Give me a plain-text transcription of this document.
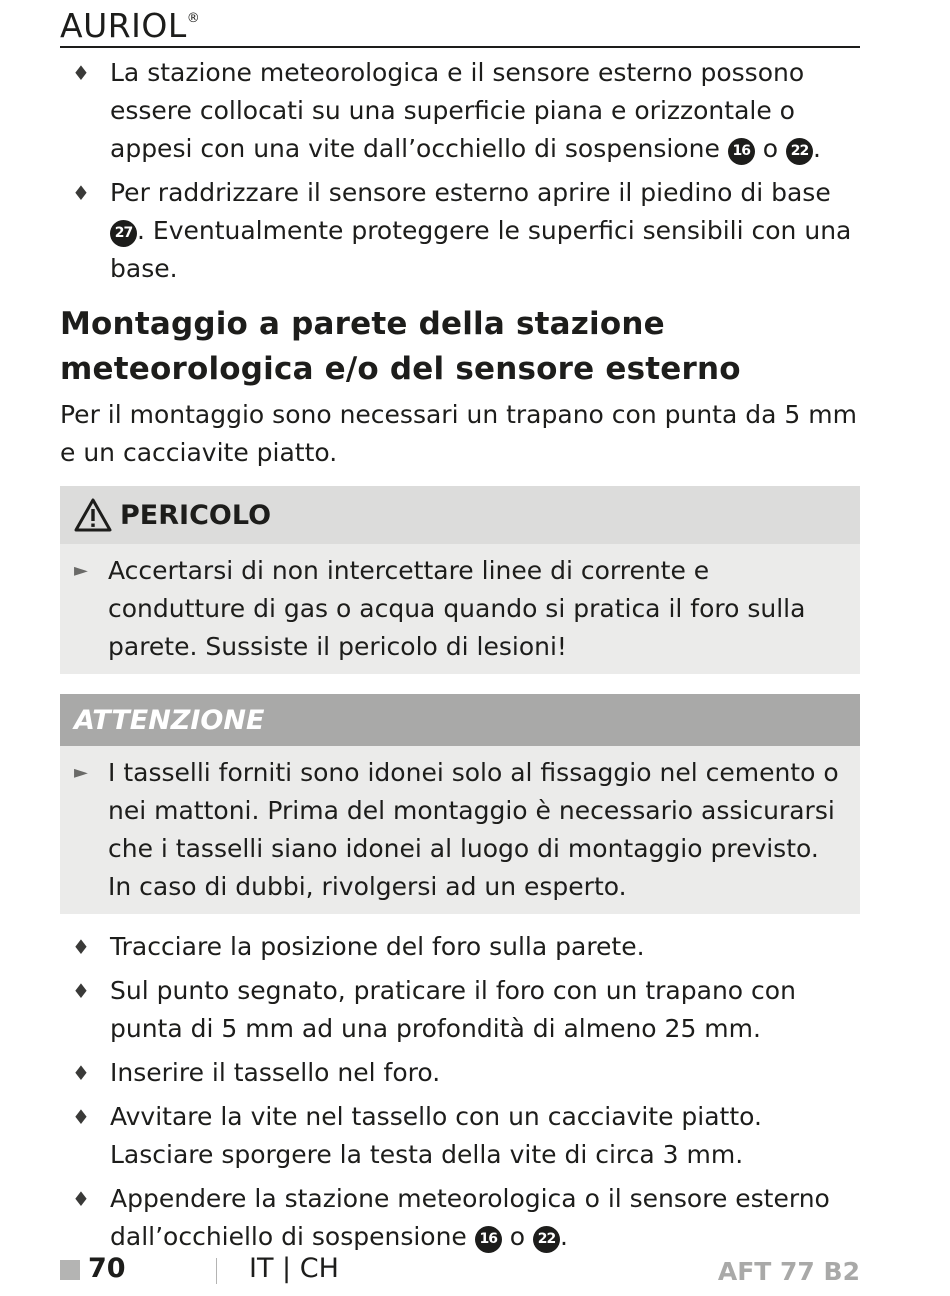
AURIOL®
♦ La stazione meteorologica e il sensore esterno possono essere collocati su una superficie piana e orizzontale o appesi con una vite dall’occhiello di sospensione 16 o 22 .
♦ Per raddrizzare il sensore esterno aprire il piedino di base 27 . Eventualmente proteggere le superfici sensibili con una base.
Montaggio a parete della stazione meteorologica e/o del sensore esterno

Per il montaggio sono necessari un trapano con punta da 5 mm e un cacciavite piatto.

PERICOLO
► Accertarsi di non intercettare linee di corrente e condutture di gas o acqua quando si pratica il foro sulla parete. Sussiste il pericolo di lesioni!
ATTENZIONE
► I tasselli forniti sono idonei solo al fissaggio nel cemento o nei mattoni. Prima del montaggio è necessario assicurarsi che i tasselli siano idonei al luogo di montaggio previsto. In caso di dubbi, rivolgersi ad un esperto.
♦ Tracciare la posizione del foro sulla parete.
♦ Sul punto segnato, praticare il foro con un trapano con punta di 5 mm ad una profondità di almeno 25 mm.
♦ Inserire il tassello nel foro.
♦ Avvitare la vite nel tassello con un cacciavite piatto. Lasciare sporgere la testa della vite di circa 3 mm.
♦ Appendere la stazione meteorologica o il sensore esterno dall’occhiello di sospensione 16 o 22 .
70	IT | CH	AFT 77 B2
